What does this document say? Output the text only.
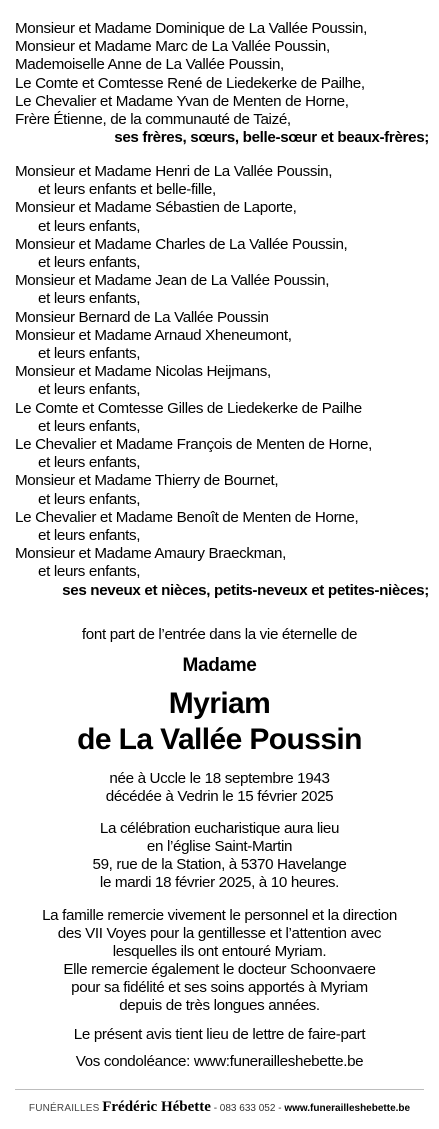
Monsieur et Madame Dominique de La Vallée Poussin,
Monsieur et Madame Marc de La Vallée Poussin,
Mademoiselle Anne de La Vallée Poussin,
Le Comte et Comtesse René de Liedekerke de Pailhe,
Le Chevalier et Madame Yvan de Menten de Horne,
Frère Étienne, de la communauté de Taizé,
ses frères, sœurs, belle-sœur et beaux-frères;
Monsieur et Madame Henri de La Vallée Poussin,
et leurs enfants et belle-fille,
Monsieur et Madame Sébastien de Laporte,
et leurs enfants,
Monsieur et Madame Charles de La Vallée Poussin,
et leurs enfants,
Monsieur et Madame Jean de La Vallée Poussin,
et leurs enfants,
Monsieur Bernard de La Vallée Poussin
Monsieur et Madame Arnaud Xheneumont,
et leurs enfants,
Monsieur et Madame Nicolas Heijmans,
et leurs enfants,
Le Comte et Comtesse Gilles de Liedekerke de Pailhe
et leurs enfants,
Le Chevalier et Madame François de Menten de Horne,
et leurs enfants,
Monsieur et Madame Thierry de Bournet,
et leurs enfants,
Le Chevalier et Madame Benoît de Menten de Horne,
et leurs enfants,
Monsieur et Madame Amaury Braeckman,
et leurs enfants,
ses neveux et nièces, petits-neveux et petites-nièces;
font part de l’entrée dans la vie éternelle de
Madame
Myriam
de La Vallée Poussin
née à Uccle le 18 septembre 1943
décédée à Vedrin le 15 février 2025
La célébration eucharistique aura lieu
en l’église Saint-Martin
59, rue de la Station, à 5370 Havelange
le mardi 18 février 2025, à 10 heures.
La famille remercie vivement le personnel et la direction
des VII Voyes pour la gentillesse et l’attention avec
lesquelles ils ont entouré Myriam.
Elle remercie également le docteur Schoonvaere
pour sa fidélité et ses soins apportés à Myriam
depuis de très longues années.
Le présent avis tient lieu de lettre de faire-part
Vos condoléance: www:funerailleshebette.be
FUNÉRAILLES Frédéric Hébette - 083 633 052 - www.funerailleshebette.be
